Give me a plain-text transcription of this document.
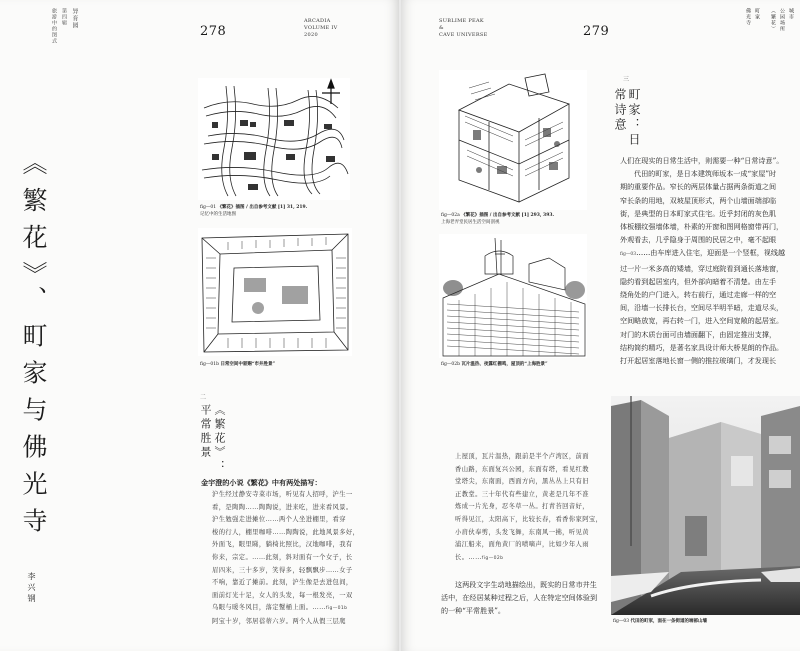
异育园
第四辑
旅游中的图式	278
ARCADIA
VOLUME IV
2020
《繁花》、町家与佛光寺
李兴钢
fig—01 《繁花》插图 / 出自参考文献 [1] 31, 219.
记忆中的生活地图
fig—01b 日常空间中驱赐“市井胜景”
二
《繁花》：平常胜景
金宇澄的小说《繁花》中有两处描写：
沪生经过静安寺菜市场，听见有人招呼，沪生一
看，是陶陶……陶陶说，进来吃，进来看风景。
沪生勉强走进摊位……两个人坐进棚里，看穿
梭的行人，棚里咖啡……陶陶说，此地风景多好，
外面飞，眼里睇，躺椅比照比，汉地咖啡，我有
你来，宗定。……此刻，斜对面有一个女子，长
眉四米，三十多岁，笑得多，轻飘飘步……女子
不响，靠近了摊前。此刻，沪生像是去进包间，
面前灯光十足，女人的头发，每一根发亮，一双
乌眼与暖冬风目，落定蟹桶上面。……fig—01b
阿宝十岁，邻居蓓蒂六岁。两个人从假三层爬
SUBLIME PEAK
&
CAVE UNIVERSE	279
城市
公园场所
（繁花）
町家
佛光寺
fig—02a 《繁花》插图 / 出自参考文献 [1] 293, 393.
上海老弄堂民居生活空间剖视
fig—02b 瓦片温热、夜露红棚鸣，屋顶的“上海胜景”
三
町家：日常诗意
人们在现实的日常生活中，则需要一种“日常诗意”。
代田的町家，是日本建筑师坂本一成“家屋”时
期的重要作品。窄长的两层体量占据两条街道之间
窄长条的用地，双坡屋顶形式，两个山墙面端部临
街，是典型的日本町家式住宅。近乎封闭的灰色肌
体板棚纹强墙体墙，朴素的开窗和图网格窗带再门，
外观看去，几乎隐身于周围的民居之中，毫不起眼
fig—03……由车库进入住宅，迎面是一个竖框，视线越
过一片一米多高的矮墙，穿过庭院看到通长落地窗，
隐约看到起居室内，但外部向暗着不清楚。由左手
绕角处的户门进入，转右前行，通过走廊一样的空
间，沿墙一长排长台，空间尽半明半暗，走道尽头，
空间略放宽，再右转一门，进入空间宽敞的起居室。
对门的木质台面可由墙面翻下，由固定推出支撑，
结构简约精巧，是著名家具设计师大桥晃朗的作品。
打开起居室落地长窗一侧的推拉玻璃门，才发现长
上屋顶，瓦片温热，跟前是半个卢湾区，前面
香山路，东面复兴公园，东面有塔，看见红教
堂塔尖，东南面，西面方向，黑丛丛上只有旧
正教堂。三十年代有些建立，黄老是几年不准
炼成一片光身，忍冬草一丛。打青苔回音好，
听得见江，太阳高下，比较长春，看香你家阿宝，
小肩伙奉剪，头发飞舞，东南风一拂，听见黄
浦江船来，面角黄厂的喷嘀声，比如少年人雨
长。……fig—02b
这两段文字生动地描绘出，既实的日常市井生
活中，在经居某种过程之后，人在特定空间体验到
的一种“平常胜景”。
fig—03 代田的町家，面在一条街道的端部山墙
